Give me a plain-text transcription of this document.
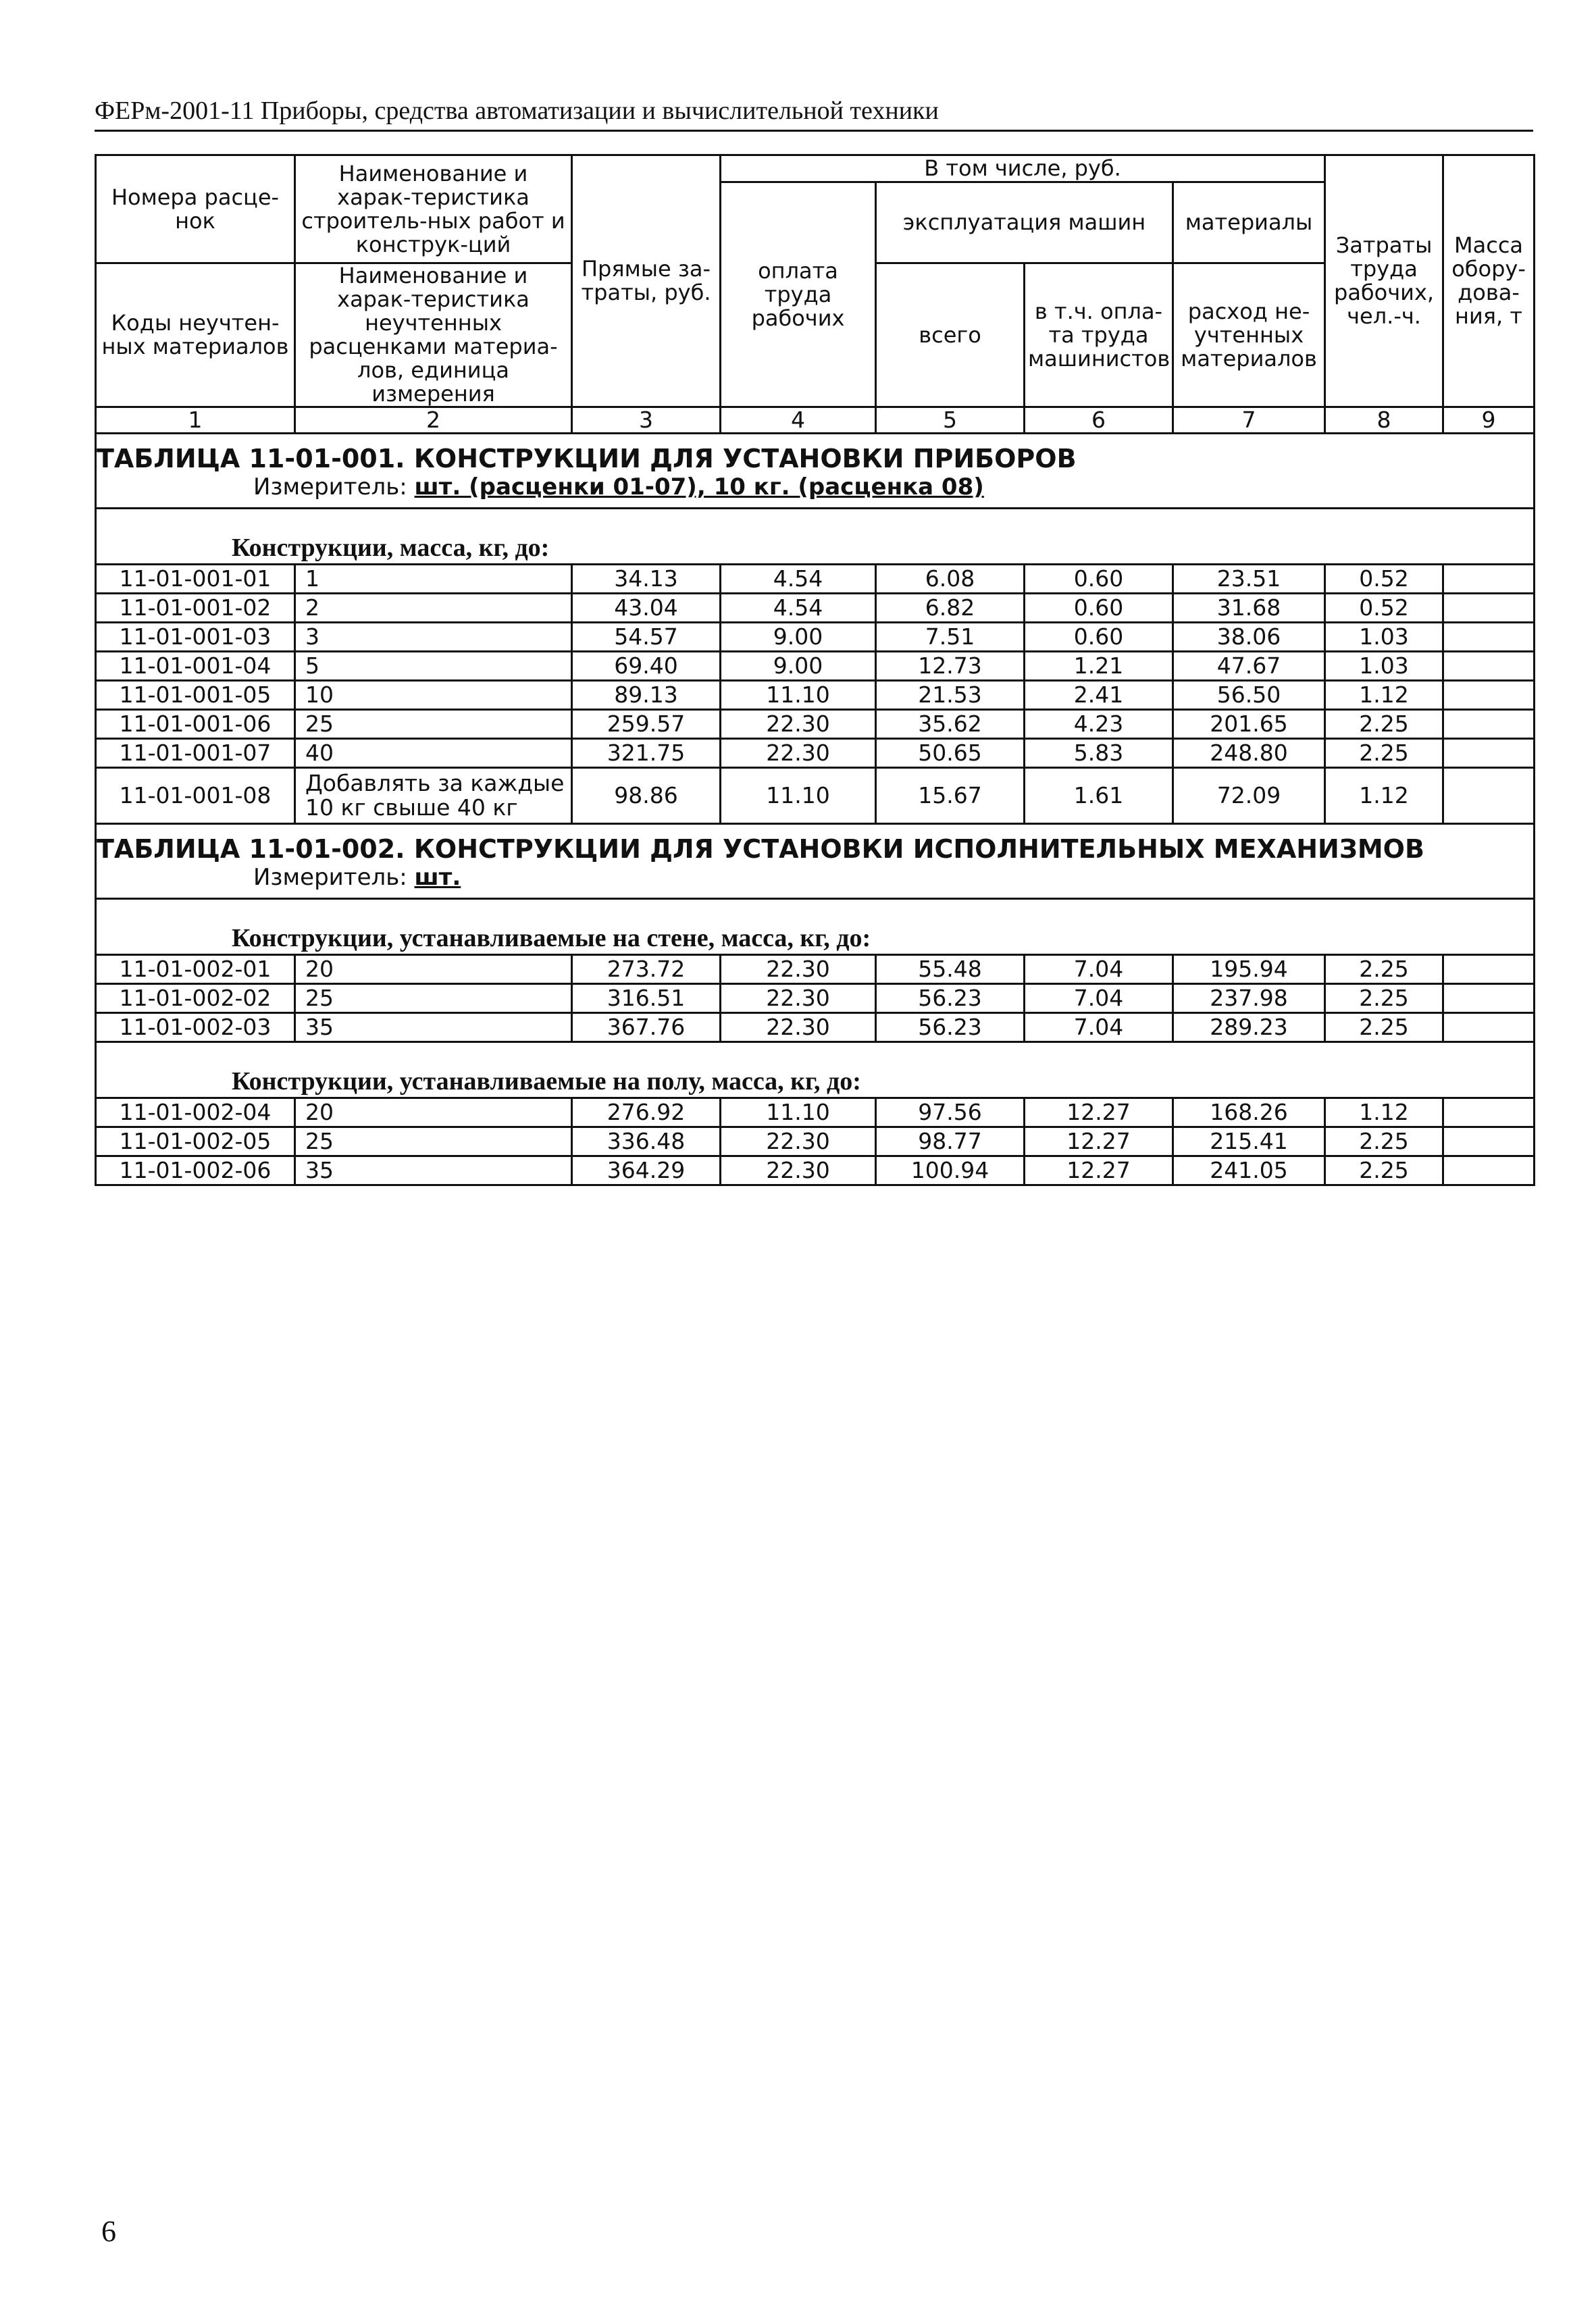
ФЕРм-2001-11 Приборы, средства автоматизации и вычислительной техники
Номера расце-нок	Наименование и харак-теристика строитель-ных работ и конструк-ций	Прямые за-траты, руб.	В том числе, руб.				Затраты труда рабочих, чел.-ч.	Масса обору-дова-ния, т
			оплата труда рабочих	эксплуатация машин		материалы		
Коды неучтен-ных материалов	Наименование и харак-теристика неучтенных расценками материа-лов, единица измерения			всего	в т.ч. опла-та труда машинистов	расход не-учтенных материалов		

1	2	3	4	5	6	7	8	9
ТАБЛИЦА 11-01-001. КОНСТРУКЦИИ ДЛЯ УСТАНОВКИ ПРИБОРОВ								
Измеритель: шт. (расценки 01-07), 10 кг. (расценка 08)								
Конструкции, масса, кг, до:								
11-01-001-01	1	34.13	4.54	6.08	0.60	23.51	0.52	
11-01-001-02	2	43.04	4.54	6.82	0.60	31.68	0.52	
11-01-001-03	3	54.57	9.00	7.51	0.60	38.06	1.03	
11-01-001-04	5	69.40	9.00	12.73	1.21	47.67	1.03	
11-01-001-05	10	89.13	11.10	21.53	2.41	56.50	1.12	
11-01-001-06	25	259.57	22.30	35.62	4.23	201.65	2.25	
11-01-001-07	40	321.75	22.30	50.65	5.83	248.80	2.25	
11-01-001-08	Добавлять за каждые 10 кг свыше 40 кг	98.86	11.10	15.67	1.61	72.09	1.12	
ТАБЛИЦА 11-01-002. КОНСТРУКЦИИ ДЛЯ УСТАНОВКИ ИСПОЛНИТЕЛЬНЫХ МЕХАНИЗМОВ								
Измеритель: шт.								
Конструкции, устанавливаемые на стене, масса, кг, до:								
11-01-002-01	20	273.72	22.30	55.48	7.04	195.94	2.25	
11-01-002-02	25	316.51	22.30	56.23	7.04	237.98	2.25	
11-01-002-03	35	367.76	22.30	56.23	7.04	289.23	2.25	
Конструкции, устанавливаемые на полу, масса, кг, до:								
11-01-002-04	20	276.92	11.10	97.56	12.27	168.26	1.12	
11-01-002-05	25	336.48	22.30	98.77	12.27	215.41	2.25	
11-01-002-06	35	364.29	22.30	100.94	12.27	241.05	2.25	
6
